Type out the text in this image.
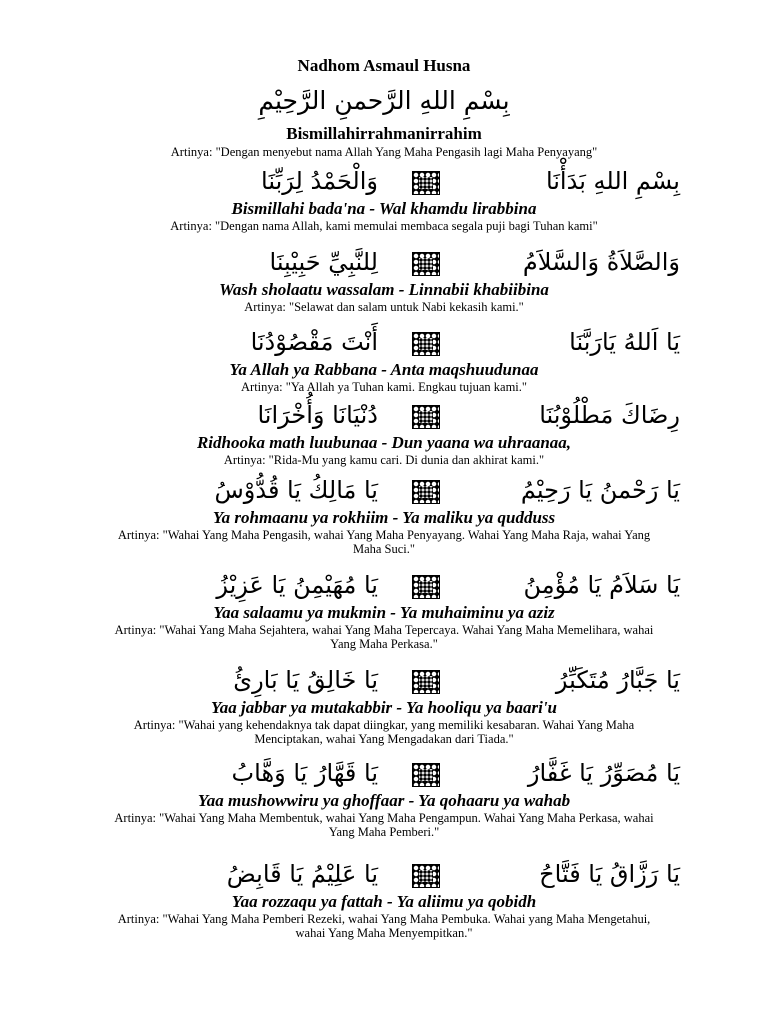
Nadhom Asmaul Husna
بِسْمِ اللهِ الرَّحمنِ الرَّحِيْمِ
Bismillahirrahmanirrahim
Artinya: "Dengan menyebut nama Allah Yang Maha Pengasih lagi Maha Penyayang"
وَالْحَمْدُ لِرَبِّنَا	بِسْمِ اللهِ بَدَأْنَا
Bismillahi bada'na - Wal khamdu lirabbina
Artinya: "Dengan nama Allah, kami memulai membaca segala puji bagi Tuhan kami"
لِلنَّبِيِّ حَبِيْبِنَا	وَالصَّلاَةُ وَالسَّلاَمُ
Wash sholaatu wassalam - Linnabii khabiibina
Artinya: "Selawat dan salam untuk Nabi kekasih kami."
أَنْتَ مَقْصُوْدُنَا	يَا اَللهُ يَارَبَّنَا
Ya Allah ya Rabbana - Anta maqshuudunaa
Artinya: "Ya Allah ya Tuhan kami. Engkau tujuan kami."
دُنْيَانَا وَأُخْرَانَا	رِضَاكَ مَطْلُوْبُنَا
Ridhooka math luubunaa - Dun yaana wa uhraanaa,
Artinya: "Rida-Mu yang kamu cari. Di dunia dan akhirat kami."
يَا مَالِكُ يَا قُدُّوْسُ	يَا رَحْمنُ يَا رَحِيْمُ
Ya rohmaanu ya rokhiim - Ya maliku ya qudduss
Artinya: "Wahai Yang Maha Pengasih, wahai Yang Maha Penyayang. Wahai Yang Maha Raja, wahai Yang Maha Suci."
يَا مُهَيْمِنُ يَا عَزِيْزُ	يَا سَلاَمُ يَا مُؤْمِنُ
Yaa salaamu ya mukmin - Ya muhaiminu ya aziz
Artinya: "Wahai Yang Maha Sejahtera, wahai Yang Maha Tepercaya. Wahai Yang Maha Memelihara, wahai Yang Maha Perkasa."
يَا خَالِقُ يَا بَارِئُ	يَا جَبَّارُ مُتَكَبِّرُ
Yaa jabbar ya mutakabbir - Ya hooliqu ya baari'u
Artinya: "Wahai yang kehendaknya tak dapat diingkar, yang memiliki kesabaran. Wahai Yang Maha Menciptakan, wahai Yang Mengadakan dari Tiada."
يَا قَهَّارُ يَا وَهَّابُ	يَا مُصَوِّرُ يَا غَفَّارُ
Yaa mushowwiru ya ghoffaar - Ya qohaaru ya wahab
Artinya: "Wahai Yang Maha Membentuk, wahai Yang Maha Pengampun. Wahai Yang Maha Perkasa, wahai Yang Maha Pemberi."
يَا عَلِيْمُ يَا قَابِضُ	يَا رَزَّاقُ يَا فَتَّاحُ
Yaa rozzaqu ya fattah - Ya aliimu ya qobidh
Artinya: "Wahai Yang Maha Pemberi Rezeki, wahai Yang Maha Pembuka. Wahai yang Maha Mengetahui, wahai Yang Maha Menyempitkan."
